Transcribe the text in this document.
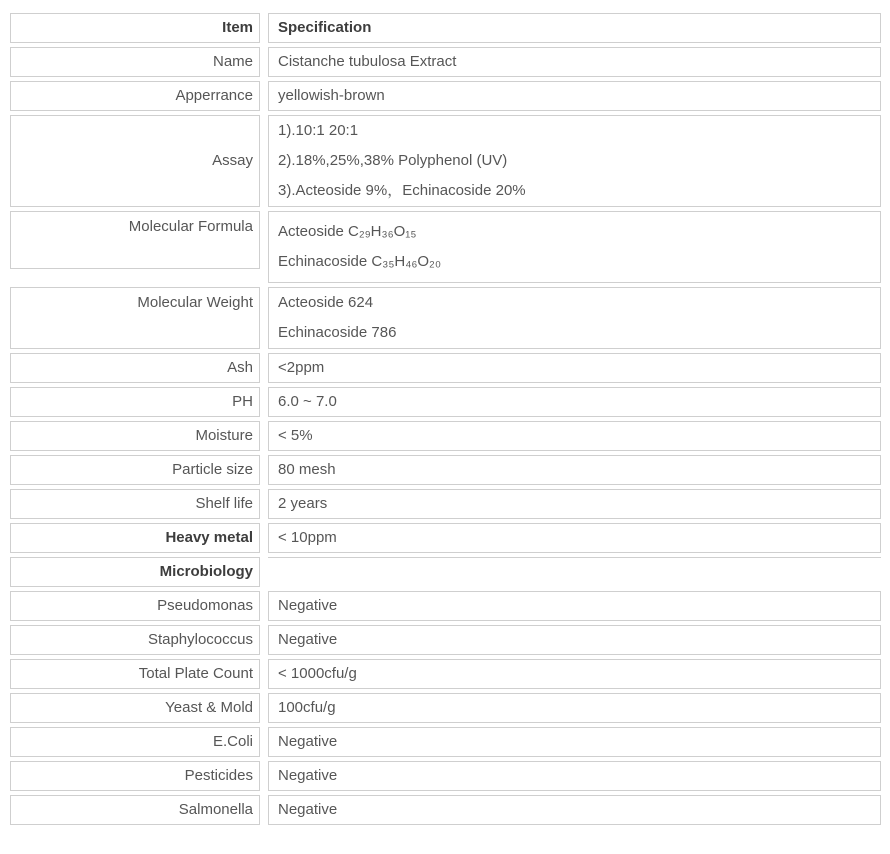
Item Specification
Name Cistanche tubulosa Extract
Apperrance yellowish-brown
Assay
1).10:1 20:1
2).18%,25%,38% Polyphenol (UV)
3).Acteoside 9%，Echinacoside 20%
Molecular Formula Acteoside C₂₉H₃₆O₁₅
Echinacoside C₃₅H₄₆O₂₀
Molecular Weight Acteoside 624
Echinacoside 786
Ash <2ppm
PH 6.0 ~ 7.0
Moisture < 5%
Particle size 80 mesh
Shelf life 2 years
Heavy metal < 10ppm
Microbiology
Pseudomonas Negative
Staphylococcus Negative
Total Plate Count < 1000cfu/g
Yeast & Mold 100cfu/g
E.Coli Negative
Pesticides Negative
Salmonella Negative
